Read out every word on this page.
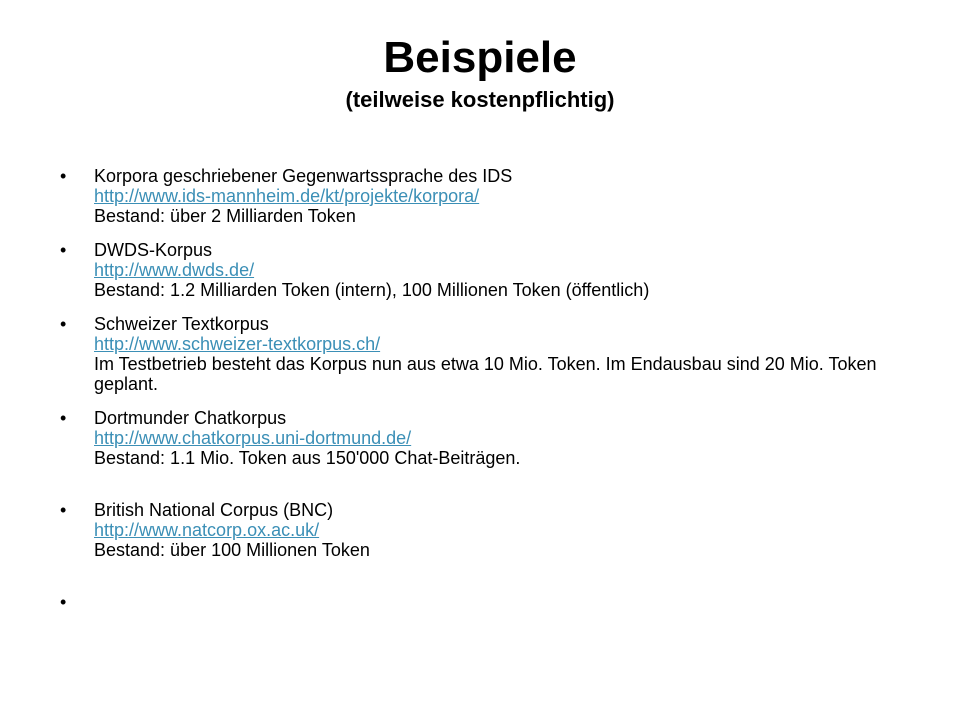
Beispiele
(teilweise kostenpflichtig)
•	Korpora geschriebener Gegenwartssprache des IDS
http://www.ids-mannheim.de/kt/projekte/korpora/
Bestand: über 2 Milliarden Token
•	DWDS-Korpus
http://www.dwds.de/
Bestand: 1.2 Milliarden Token (intern), 100 Millionen Token (öffentlich)
•	Schweizer Textkorpus
http://www.schweizer-textkorpus.ch/
Im Testbetrieb besteht das Korpus nun aus etwa 10 Mio. Token. Im Endausbau sind 20 Mio. Token geplant.
•	Dortmunder Chatkorpus
http://www.chatkorpus.uni-dortmund.de/
Bestand: 1.1 Mio. Token aus 150'000 Chat-Beiträgen.
•	British National Corpus (BNC)
http://www.natcorp.ox.ac.uk/
Bestand: über 100 Millionen Token
•
